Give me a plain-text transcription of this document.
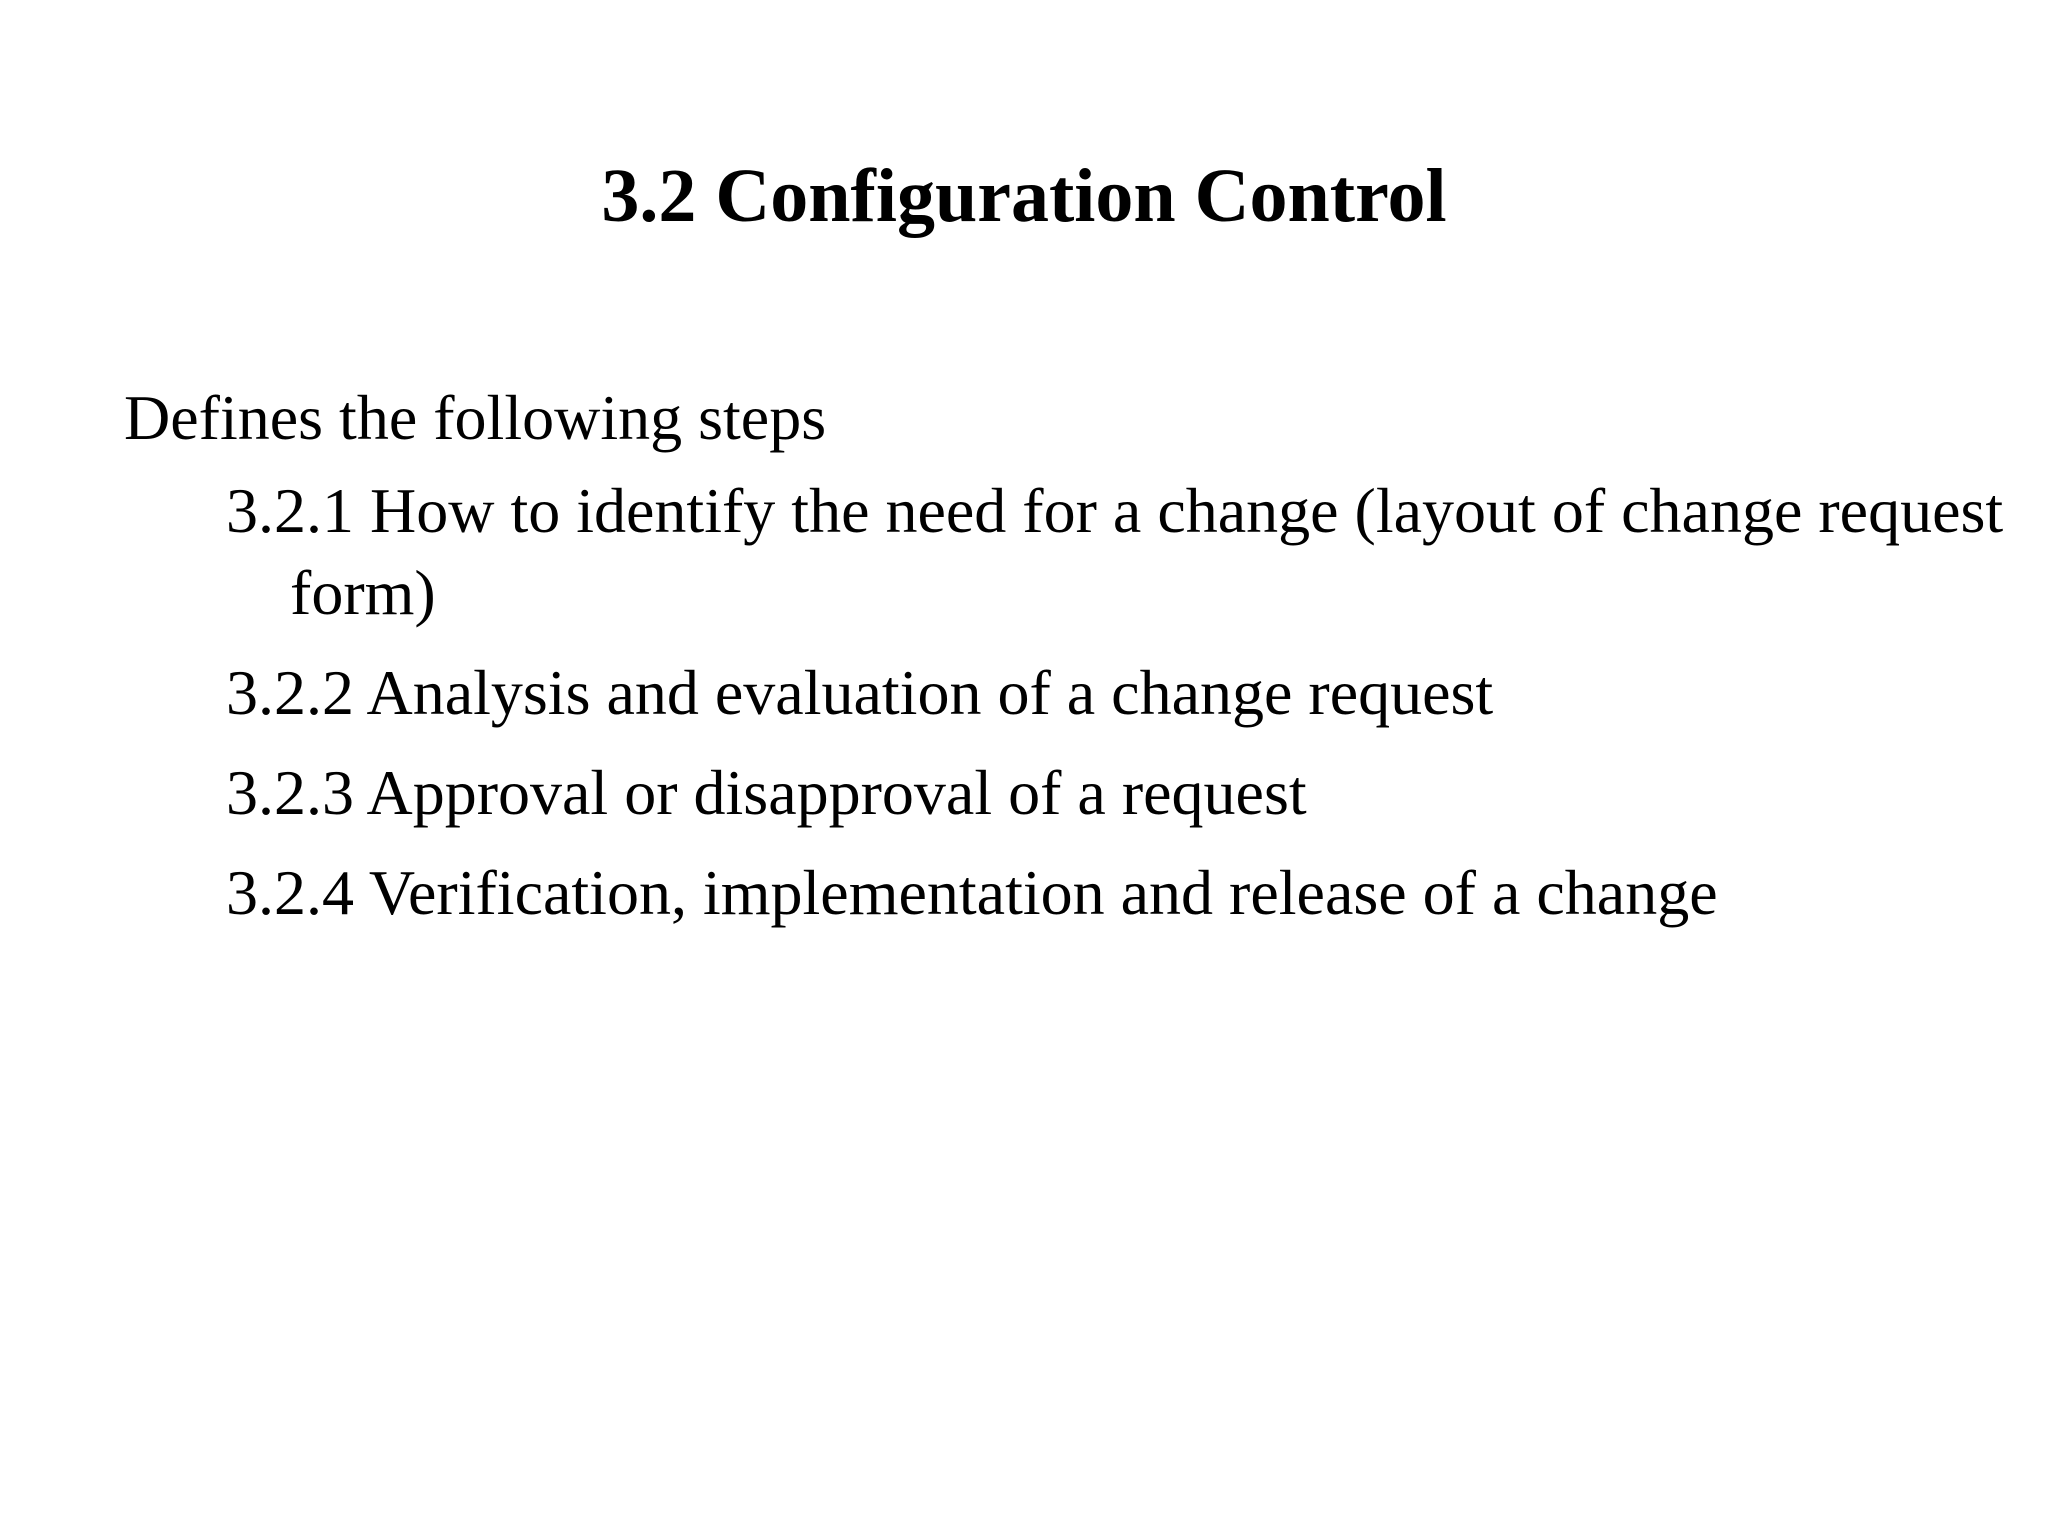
3.2 Configuration Control

Defines the following steps

3.2.1 How to identify the need for a change (layout of change request form)
3.2.2 Analysis and evaluation of a change request
3.2.3 Approval or disapproval of a request
3.2.4 Verification, implementation and release of a change
